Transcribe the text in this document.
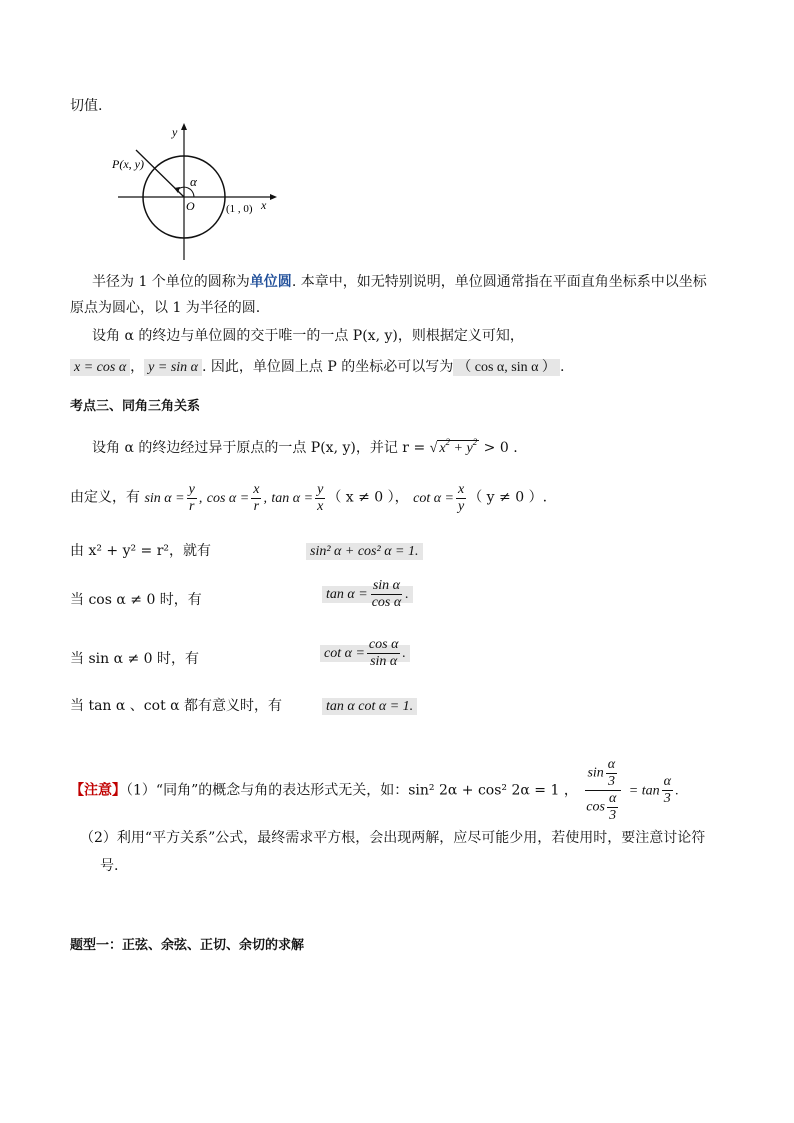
切值.
P(x, y)
α
O	(1 , 0) x
y
半径为 1 个单位的圆称为单位圆. 本章中，如无特别说明，单位圆通常指在平面直角坐标系中以坐标
原点为圆心，以 1 为半径的圆.
设角 α 的终边与单位圆的交于唯一的一点 P(x, y)，则根据定义可知，
x = cos α ， y = sin α . 因此，单位圆上点 P 的坐标必可以写为 （ cos α, sin α ） .
考点三、同角三角关系
设角 α 的终边经过异于原点的一点 P(x, y)，并记 r = √ $x^2 + y^2 > 0$ .
由定义，有 $\sin \alpha = \frac{y}{r}$ , $\cos \alpha = \frac{x}{r}$ , $\tan \alpha = \frac{y}{x}$ （ x ≠ 0 ）， $\cot \alpha = \frac{x}{y}$ （ y ≠ 0 ）.
由 x² + y² = r²，就有	sin² α + cos² α = 1.
当 cos α ≠ 0 时，有	$\tan \alpha = \frac{\text{sin α}}{\text{cos α}}$ .
当 sin α ≠ 0 时，有	$\cot \alpha = \frac{\text{cos α}}{\text{sin α}}$ .
当 tan α 、cot α 都有意义时，有	tan α cot α = 1.
【注意】（1）“同角”的概念与角的表达形式无关，如：sin² 2α + cos² 2α = 1 ， $\frac{\sin \frac{\alpha}{3}}{\cos \frac{\alpha}{3}} = \tan \frac{\alpha}{3}$ .
（2）利用“平方关系”公式，最终需求平方根，会出现两解，应尽可能少用，若使用时，要注意讨论符
号.
题型一：正弦、余弦、正切、余切的求解
